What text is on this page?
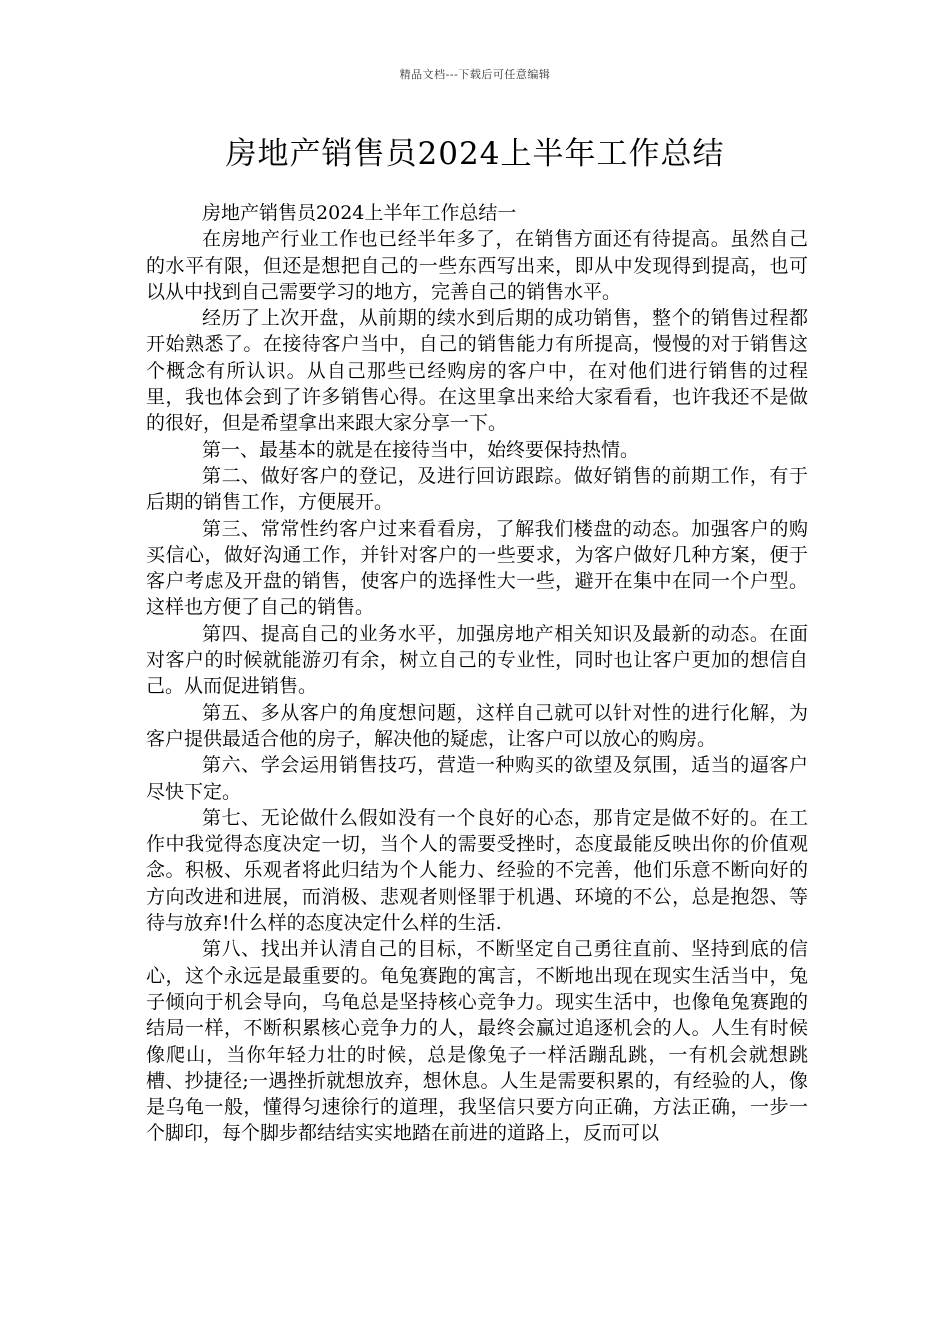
精品文档---下载后可任意编辑
房地产销售员2024上半年工作总结

房地产销售员2024上半年工作总结一

在房地产行业工作也已经半年多了，在销售方面还有待提高。虽然自己的水平有限，但还是想把自己的一些东西写出来，即从中发现得到提高，也可以从中找到自己需要学习的地方，完善自己的销售水平。

经历了上次开盘，从前期的续水到后期的成功销售，整个的销售过程都开始熟悉了。在接待客户当中，自己的销售能力有所提高，慢慢的对于销售这个概念有所认识。从自己那些已经购房的客户中，在对他们进行销售的过程里，我也体会到了许多销售心得。在这里拿出来给大家看看，也许我还不是做的很好，但是希望拿出来跟大家分享一下。

第一、最基本的就是在接待当中，始终要保持热情。

第二、做好客户的登记，及进行回访跟踪。做好销售的前期工作，有于后期的销售工作，方便展开。

第三、常常性约客户过来看看房，了解我们楼盘的动态。加强客户的购买信心，做好沟通工作，并针对客户的一些要求，为客户做好几种方案，便于客户考虑及开盘的销售，使客户的选择性大一些，避开在集中在同一个户型。这样也方便了自己的销售。

第四、提高自己的业务水平，加强房地产相关知识及最新的动态。在面对客户的时候就能游刃有余，树立自己的专业性，同时也让客户更加的想信自己。从而促进销售。

第五、多从客户的角度想问题，这样自己就可以针对性的进行化解，为客户提供最适合他的房子，解决他的疑虑，让客户可以放心的购房。

第六、学会运用销售技巧，营造一种购买的欲望及氛围，适当的逼客户尽快下定。

第七、无论做什么假如没有一个良好的心态，那肯定是做不好的。在工作中我觉得态度决定一切，当个人的需要受挫时，态度最能反映出你的价值观念。积极、乐观者将此归结为个人能力、经验的不完善，他们乐意不断向好的方向改进和进展，而消极、悲观者则怪罪于机遇、环境的不公，总是抱怨、等待与放弃!什么样的态度决定什么样的生活.

第八、找出并认清自己的目标，不断坚定自己勇往直前、坚持到底的信心，这个永远是最重要的。龟兔赛跑的寓言，不断地出现在现实生活当中，兔子倾向于机会导向，乌龟总是坚持核心竞争力。现实生活中，也像龟兔赛跑的结局一样，不断积累核心竞争力的人，最终会赢过追逐机会的人。人生有时候像爬山，当你年轻力壮的时候，总是像兔子一样活蹦乱跳，一有机会就想跳槽、抄捷径;一遇挫折就想放弃，想休息。人生是需要积累的，有经验的人，像是乌龟一般，懂得匀速徐行的道理，我坚信只要方向正确，方法正确，一步一个脚印，每个脚步都结结实实地踏在前进的道路上，反而可以
